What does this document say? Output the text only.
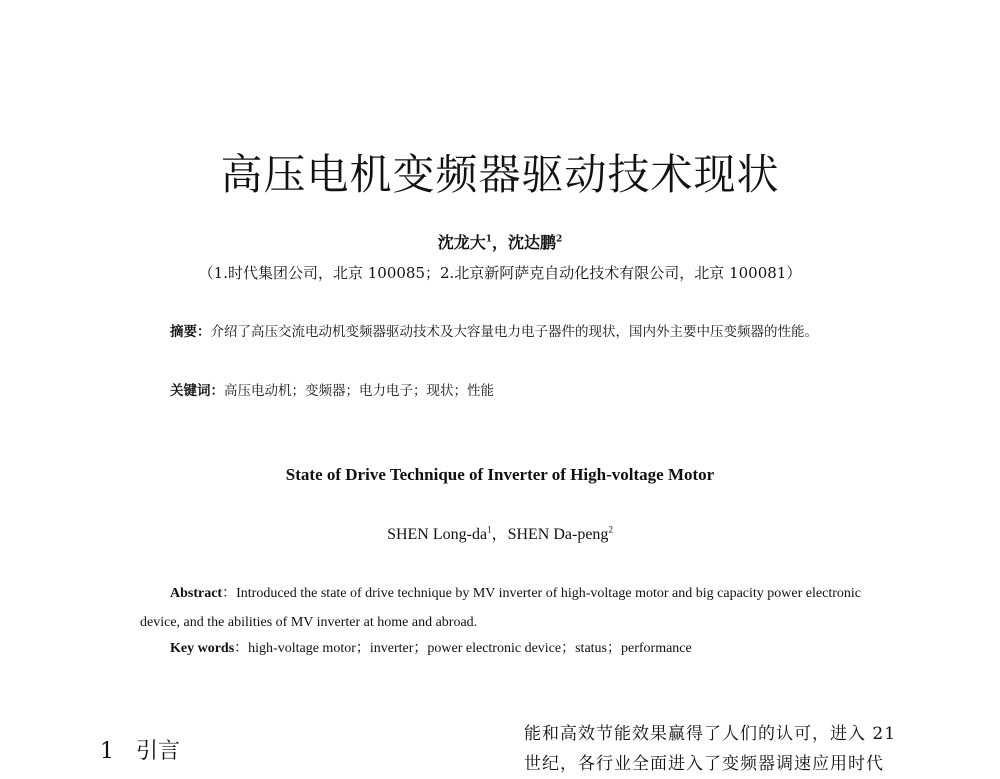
高压电机变频器驱动技术现状
沈龙大$^1$，沈达鹏$^2$
（1.时代集团公司，北京 100085；2.北京新阿萨克自动化技术有限公司，北京 100081）
摘要：介绍了高压交流电动机变频器驱动技术及大容量电力电子器件的现状，国内外主要中压变频器的性能。
关键词：高压电动机；变频器；电力电子；现状；性能
State of Drive Technique of Inverter of High-voltage Motor
SHEN Long-$da^1$，SHEN Da-peng$^2$
Abstract：Introduced the state of drive technique by MV inverter of high-voltage motor and big capacity power electronic device, and the abilities of MV inverter at home and abroad.
Key words：high-voltage motor；inverter；power electronic device；status；performance
1 引言
能和高效节能效果赢得了人们的认可，进入 21
世纪，各行业全面进入了变频器调速应用时代
